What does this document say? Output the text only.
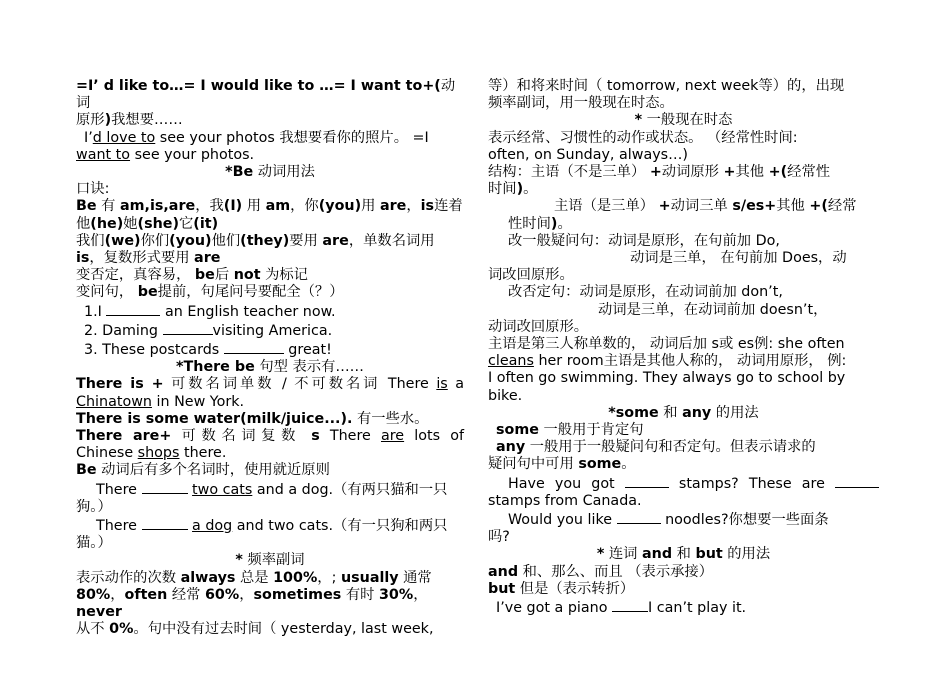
=I’ d like to…= I would like to …= I want to+(动词

原形)我想要……

I’d love to see your photos 我想要看你的照片。 =I

want to see your photos.

*Be 动词用法

口诀:

Be 有 am,is,are，我(I) 用 am，你(you)用 are，is连着

他(he)她(she)它(it)

我们(we)你们(you)他们(they)要用 are，单数名词用

is，复数形式要用 are

变否定，真容易， be后 not 为标记

变问句， be提前，句尾问号要配全（？）

1.I	an English teacher now.

2. Daming	visiting America.

3. These postcards	great!

*There be 句型 表示有……

There is + 可数名词单数 / 不可数名词 There is a

Chinatown in New York.

There is some water(milk/juice...). 有一些水。

There are+ 可数名词复数 s There are lots of

Chinese shops there.

Be 动词后有多个名词时，使用就近原则

There	two cats and a dog.（有两只猫和一只

狗。）

There	a dog and two cats.（有一只狗和两只

猫。）

* 频率副词

表示动作的次数 always 总是 100%，; usually 通常

80%，often 经常 60%，sometimes 有时 30%，never

从不 0%。句中没有过去时间（ yesterday, last week,

等）和将来时间（ tomorrow, next week等）的，出现

频率副词，用一般现在时态。

* 一般现在时态

表示经常、习惯性的动作或状态。 （经常性时间:

often, on Sunday, always…)

结构：主语（不是三单） +动词原形 +其他 +(经常性

时间)。

主语（是三单） +动词三单 s/es+其他 +(经常

性时间)。

改一般疑问句：动词是原形，在句前加 Do,

动词是三单， 在句前加 Does，动

词改回原形。

改否定句：动词是原形，在动词前加 don’t,

动词是三单，在动词前加 doesn’t，

动词改回原形。

主语是第三人称单数的， 动词后加 s或 es例: she often

cleans her room主语是其他人称的， 动词用原形， 例:

I often go swimming. They always go to school by bike.

*some 和 any 的用法

some 一般用于肯定句

any 一般用于一般疑问句和否定句。但表示请求的

疑问句中可用 some。

Have you got	stamps? These are

stamps from Canada.

Would you like	noodles?你想要一些面条

吗?

* 连词 and 和 but 的用法

and 和、那么、而且 （表示承接）

but 但是（表示转折）

I’ve got a piano	I can’t play it.
